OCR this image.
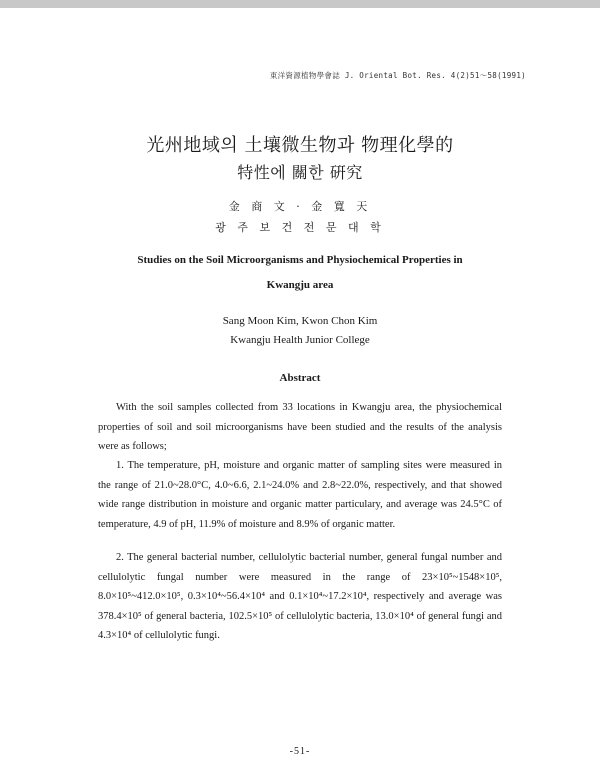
東洋資源植物學會誌 J. Oriental Bot. Res. 4(2)51～58(1991)
光州地域의 土壤微生物과 物理化學的
特性에 關한 硏究
金 商 文 · 金 寬 天
광 주 보 건 전 문 대 학
Studies on the Soil Microorganisms and Physiochemical Properties in
Kwangju area
Sang Moon Kim, Kwon Chon Kim
Kwangju Health Junior College
Abstract
With the soil samples collected from 33 locations in Kwangju area, the physiochemical properties of soil and soil microorganisms have been studied and the results of the analysis were as follows;
1. The temperature, pH, moisture and organic matter of sampling sites were measured in the range of 21.0~28.0°C, 4.0~6.6, 2.1~24.0% and 2.8~22.0%, respectively, and that showed wide range distribution in moisture and organic matter particulary, and average was 24.5°C of temperature, 4.9 of pH, 11.9% of moisture and 8.9% of organic matter.
2. The general bacterial number, cellulolytic bacterial number, general fungal number and cellulolytic fungal number were measured in the range of 23×10⁵~1548×10⁵, 8.0×10⁵~412.0×10⁵, 0.3×10⁴~56.4×10⁴ and 0.1×10⁴~17.2×10⁴, respectively and average was 378.4×10⁵ of general bacteria, 102.5×10⁵ of cellulolytic bacteria, 13.0×10⁴ of general fungi and 4.3×10⁴ of cellulolytic fungi.
-51-
